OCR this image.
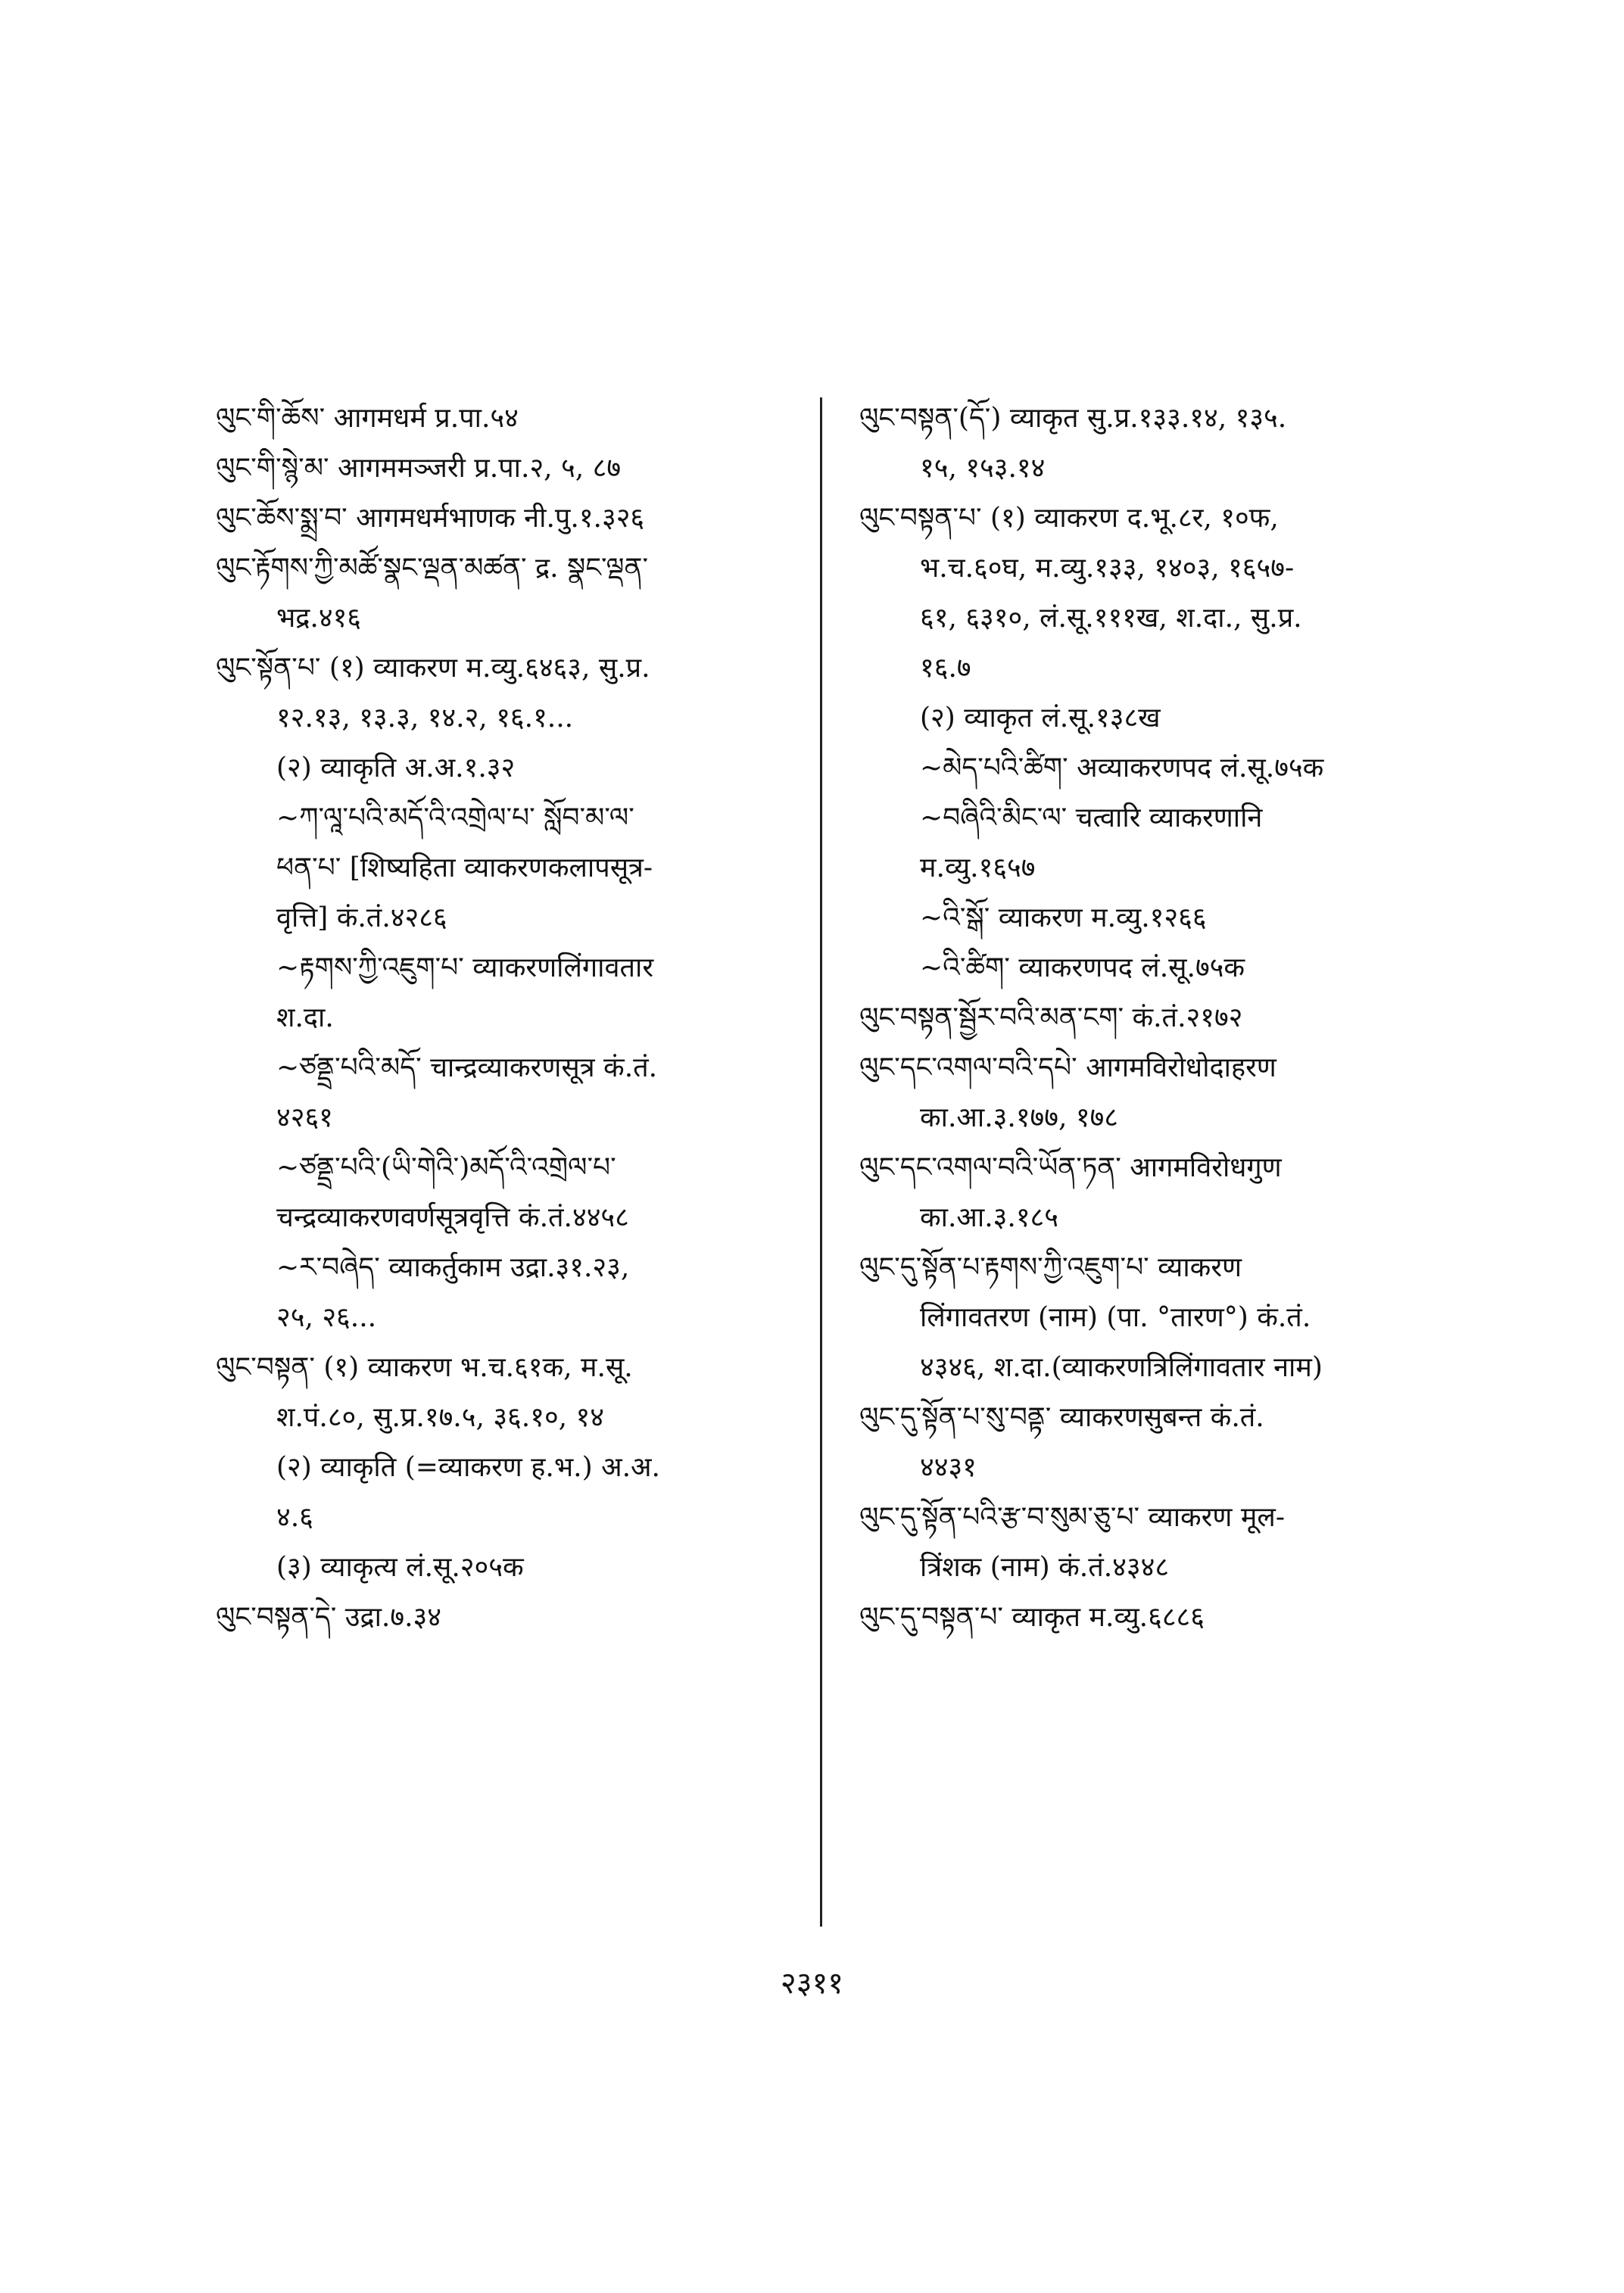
ལུང་གི་ཆོས་ आगमधर्म प्र.पा.५४
ལུང་གི་སྙེ་མ་ आगममञ्जरी प्र.पा.२, ५, ८७
ལུང་ཆོས་སྨྲ་བ་ आगमधर्मभाणक नी.पु.१.३२६
ལུང་རྟོགས་ཀྱི་མཚོ་སྣང་ལྡན་མཚན་ द्र. སྣང་ལྡན་
भद्र.४१६
ལུང་སྟོན་པ་ (१) व्याकरण म.व्यु.६४६३, सु.प्र.
१२.१३, १३.३, १४.२, १६.१...
(२) व्याकृति अ.अ.१.३२
~ཀ་ལཱ་པའི་མདོ་འི་འགྲེལ་པ་ སློབ་མ་ལ་
ཕན་པ་ [शिष्यहिता व्याकरणकलापसूत्र-
वृत्ति] कं.तं.४२८६
~རྟགས་ཀྱི་འཇུག་པ་ व्याकरणलिंगावतार
श.दा.
~ཙནྡྲ་པའི་མདོ་ चान्द्रव्याकरणसूत्र कं.तं.
४२६१
~ཙནྡྲ་པའི་(ཡི་གེའི་)མདོ་འི་འགྲེལ་པ་
चन्द्रव्याकरणवर्णसूत्रवृत्ति कं.तं.४४५८
~ར་བཞེད་ व्याकर्तुकाम उद्रा.३१.२३,
२५, २६...
ལུང་བསྟན་ (१) व्याकरण भ.च.६१क, म.सू.
श.पं.८०, सु.प्र.१७.५, ३६.१०, १४
(२) व्याकृति (=व्याकरण ह.भ.) अ.अ.
४.६
(३) व्याकृत्य लं.सू.२०५क
ལུང་བསྟན་དེ་ उद्रा.७.३४
ལུང་བསྟན་(དོ་) व्याकृत सु.प्र.१३३.१४, १३५.
१५, १५३.१४
ལུང་བསྟན་པ་ (१) व्याकरण द.भू.८र, १०फ,
भ.च.६०घ, म.व्यु.१३३, १४०३, १६५७-
६१, ६३१०, लं.सू.१११ख, श.दा., सु.प्र.
१६.७
(२) व्याकृत लं.सू.१३८ख
~མེད་པའི་ཚིག་ अव्याकरणपद लं.सू.७५क
~བཞིའི་མིང་ལ་ चत्वारि व्याकरणानि
म.व्यु.१६५७
~འི་སྒོ་ व्याकरण म.व्यु.१२६६
~འི་ཚིག་ व्याकरणपद लं.सू.७५क
ལུང་བསྟན་སྦྱོར་བའི་མན་ངག་ कं.तं.२१७२
ལུང་དང་འགལ་བའི་དཔེ་ आगमविरोधोदाहरण
का.आ.३.१७७, १७८
ལུང་དང་འགལ་བའི་ཡོན་ཏན་ आगमविरोधगुण
का.आ.३.१८५
ལུང་དུ་སྟོན་པ་རྟགས་ཀྱི་འཇུག་པ་ व्याकरण
लिंगावतरण (नाम) (पा. °तारण°) कं.तं.
४३४६, श.दा.(व्याकरणत्रिलिंगावतार नाम)
ལུང་དུ་སྟོན་པ་སུ་བནྟ་ व्याकरणसुबन्त कं.तं.
४४३१
ལུང་དུ་སྟོན་པའི་རྩ་བ་སུམ་ཅུ་པ་ व्याकरण मूल-
त्रिंशक (नाम) कं.तं.४३४८
ལུང་དུ་བསྟན་པ་ व्याकृत म.व्यु.६८८६
२३११
